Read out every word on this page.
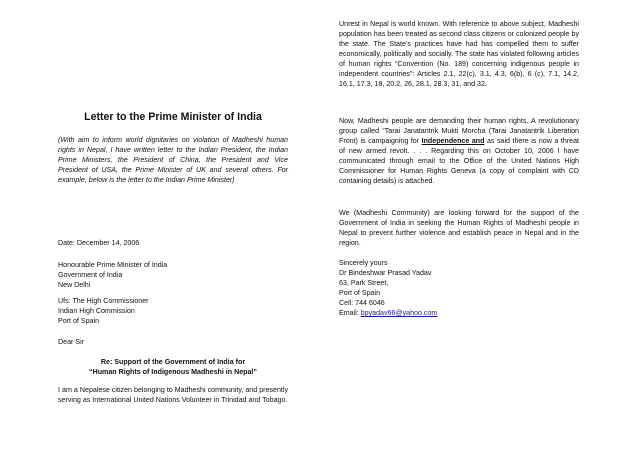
Letter to the Prime Minister of India

(With aim to inform world dignitaries on violation of Madheshi human rights in Nepal, I have written letter to the Indian President, the Indian Prime Ministers, the President of China, the President and Vice President of USA, the Prime Minister of UK and several others. For example, below is the letter to the Indian Prime Minister)

Date: December 14, 2006

Honourable Prime Minister of India

Government of India

New Delhi

Ufs: The High Commissioner

Indian High Commission

Port of Spain

Dear Sir

Re: Support of the Government of India for

“Human Rights of Indigenous Madheshi in Nepal”

I am a Nepalese citizen belonging to Madheshi community, and presently serving as International United Nations Volunteer in Trinidad and Tobago.

Unrest in Nepal is world known. With reference to above subject, Madheshi population has been treated as second class citizens or colonized people by the state. The State’s practices have had has compelled them to suffer economically, politically and socially. The state has violated following articles of human rights “Convention (No. 189) concerning indigenous people in independent countries”: Articles 2.1, 22(c), 3.1, 4.3, 6(b), 6 (c), 7.1, 14.2, 16.1, 17.3, 18, 20.2, 26, 28.1, 28.3, 31, and 32.

Now, Madheshi people are demanding their human rights. A revolutionary group called “Tarai Janatantrik Mukti Morcha (Tarai Janatantrik Liberation Front) is campaigning for Independence and as said there is now a threat of new armed revolt. . . . Regarding this on October 10, 2006 I have communicated through email to the Office of the United Nations High Commissioner for Human Rights Geneva (a copy of complaint with CD containing details) is attached.

We (Madheshi Community) are looking forward for the support of the Government of India in seeking the Human Rights of Madheshi people in Nepal to prevent further violence and establish peace in Nepal and in the region.

Sincerely yours

Dr Bindeshwar Prasad Yadav

63, Park Street,

Port of Spain

Cell: 744 6046

Email: bpyadav66@yahoo.com
